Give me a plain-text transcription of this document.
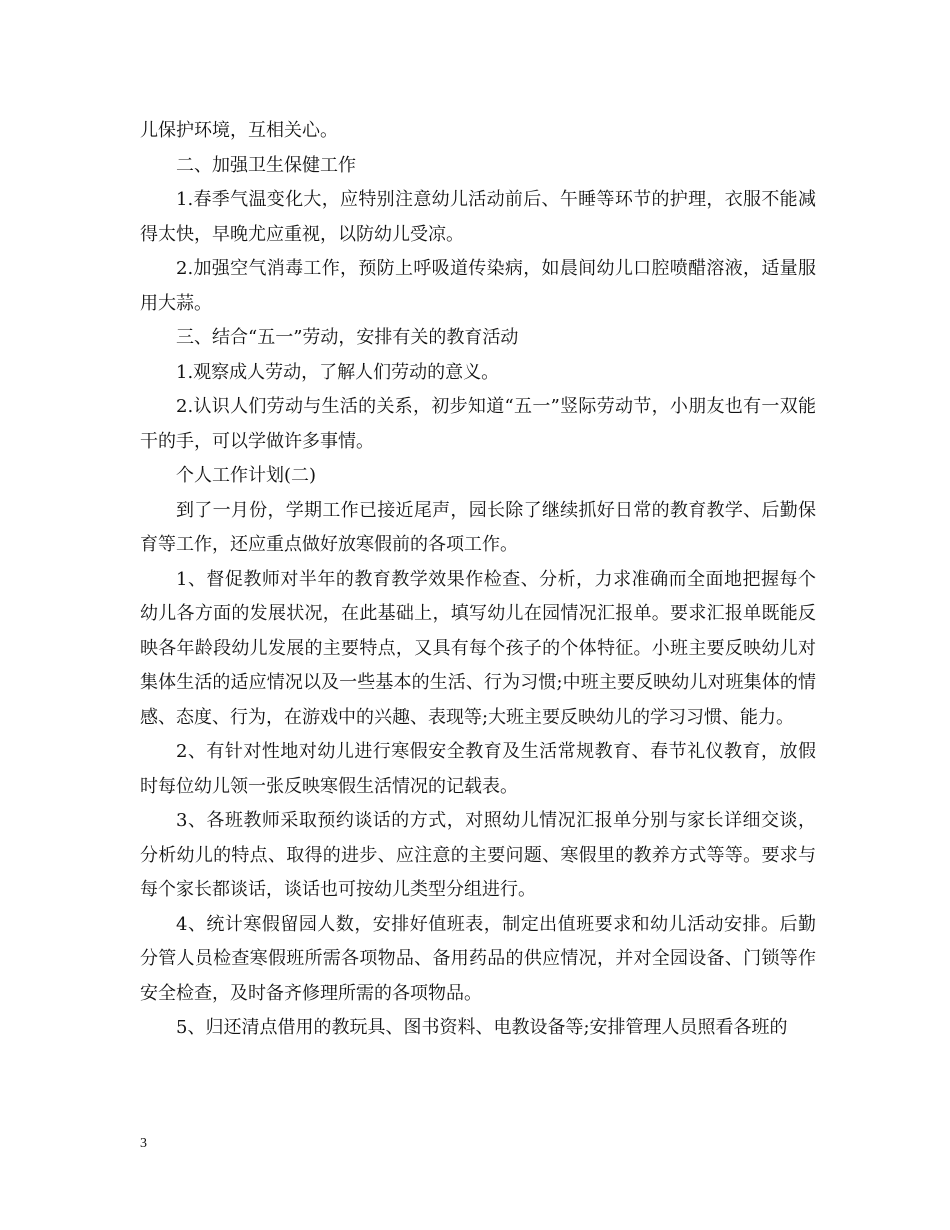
儿保护环境，互相关心。

二、加强卫生保健工作

1.春季气温变化大，应特别注意幼儿活动前后、午睡等环节的护理，衣服不能减得太快，早晚尤应重视，以防幼儿受凉。

2.加强空气消毒工作，预防上呼吸道传染病，如晨间幼儿口腔喷醋溶液，适量服用大蒜。

三、结合“五一”劳动，安排有关的教育活动

1.观察成人劳动，了解人们劳动的意义。

2.认识人们劳动与生活的关系，初步知道“五一”竖际劳动节，小朋友也有一双能干的手，可以学做许多事情。

个人工作计划(二)

到了一月份，学期工作已接近尾声，园长除了继续抓好日常的教育教学、后勤保育等工作，还应重点做好放寒假前的各项工作。

1、督促教师对半年的教育教学效果作检查、分析，力求准确而全面地把握每个幼儿各方面的发展状况，在此基础上，填写幼儿在园情况汇报单。要求汇报单既能反映各年龄段幼儿发展的主要特点，又具有每个孩子的个体特征。小班主要反映幼儿对集体生活的适应情况以及一些基本的生活、行为习惯;中班主要反映幼儿对班集体的情感、态度、行为，在游戏中的兴趣、表现等;大班主要反映幼儿的学习习惯、能力。

2、有针对性地对幼儿进行寒假安全教育及生活常规教育、春节礼仪教育，放假时每位幼儿领一张反映寒假生活情况的记载表。

3、各班教师采取预约谈话的方式，对照幼儿情况汇报单分别与家长详细交谈，分析幼儿的特点、取得的进步、应注意的主要问题、寒假里的教养方式等等。要求与每个家长都谈话，谈话也可按幼儿类型分组进行。

4、统计寒假留园人数，安排好值班表，制定出值班要求和幼儿活动安排。后勤分管人员检查寒假班所需各项物品、备用药品的供应情况，并对全园设备、门锁等作安全检查，及时备齐修理所需的各项物品。

5、归还清点借用的教玩具、图书资料、电教设备等;安排管理人员照看各班的

3
